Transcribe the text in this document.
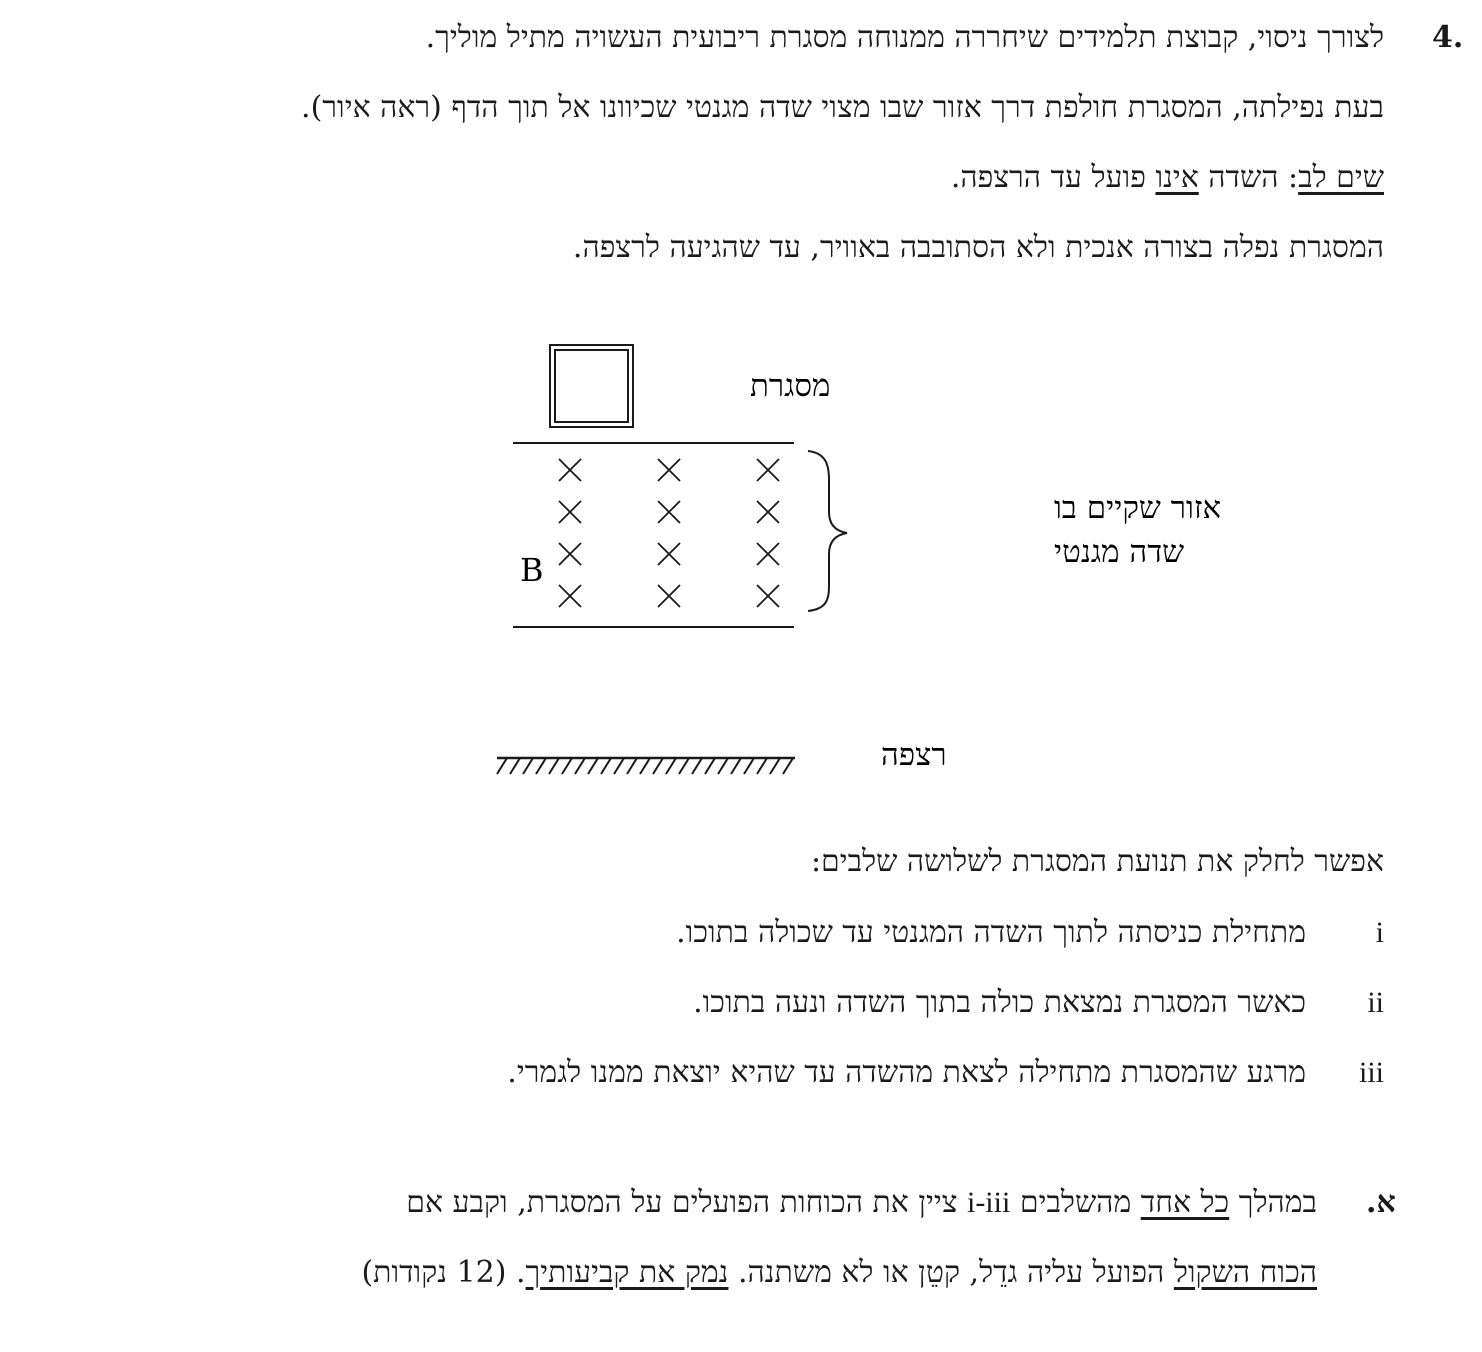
4.
לצורך ניסוי, קבוצת תלמידים שיחררה ממנוחה מסגרת ריבועית העשויה מתיל מוליך.
בעת נפילתה, המסגרת חולפת דרך אזור שבו מצוי שדה מגנטי שכיוונו אל תוך הדף (ראה איור).
שים לב: השדה אינו פועל עד הרצפה.
המסגרת נפלה בצורה אנכית ולא הסתובבה באוויר, עד שהגיעה לרצפה.
מסגרת
B
אזור שקיים בו
שדה מגנטי
רצפה
אפשר לחלק את תנועת המסגרת לשלושה שלבים:
i
מתחילת כניסתה לתוך השדה המגנטי עד שכולה בתוכו.
ii
כאשר המסגרת נמצאת כולה בתוך השדה ונעה בתוכו.
iii
מרגע שהמסגרת מתחילה לצאת מהשדה עד שהיא יוצאת ממנו לגמרי.
א.
במהלך כל אחד מהשלבים i-iii ציין את הכוחות הפועלים על המסגרת, וקבע אם
הכוח השקול הפועל עליה גדֵל, קטֵן או לא משתנה. נמק את קביעותיך. (12 נקודות)
